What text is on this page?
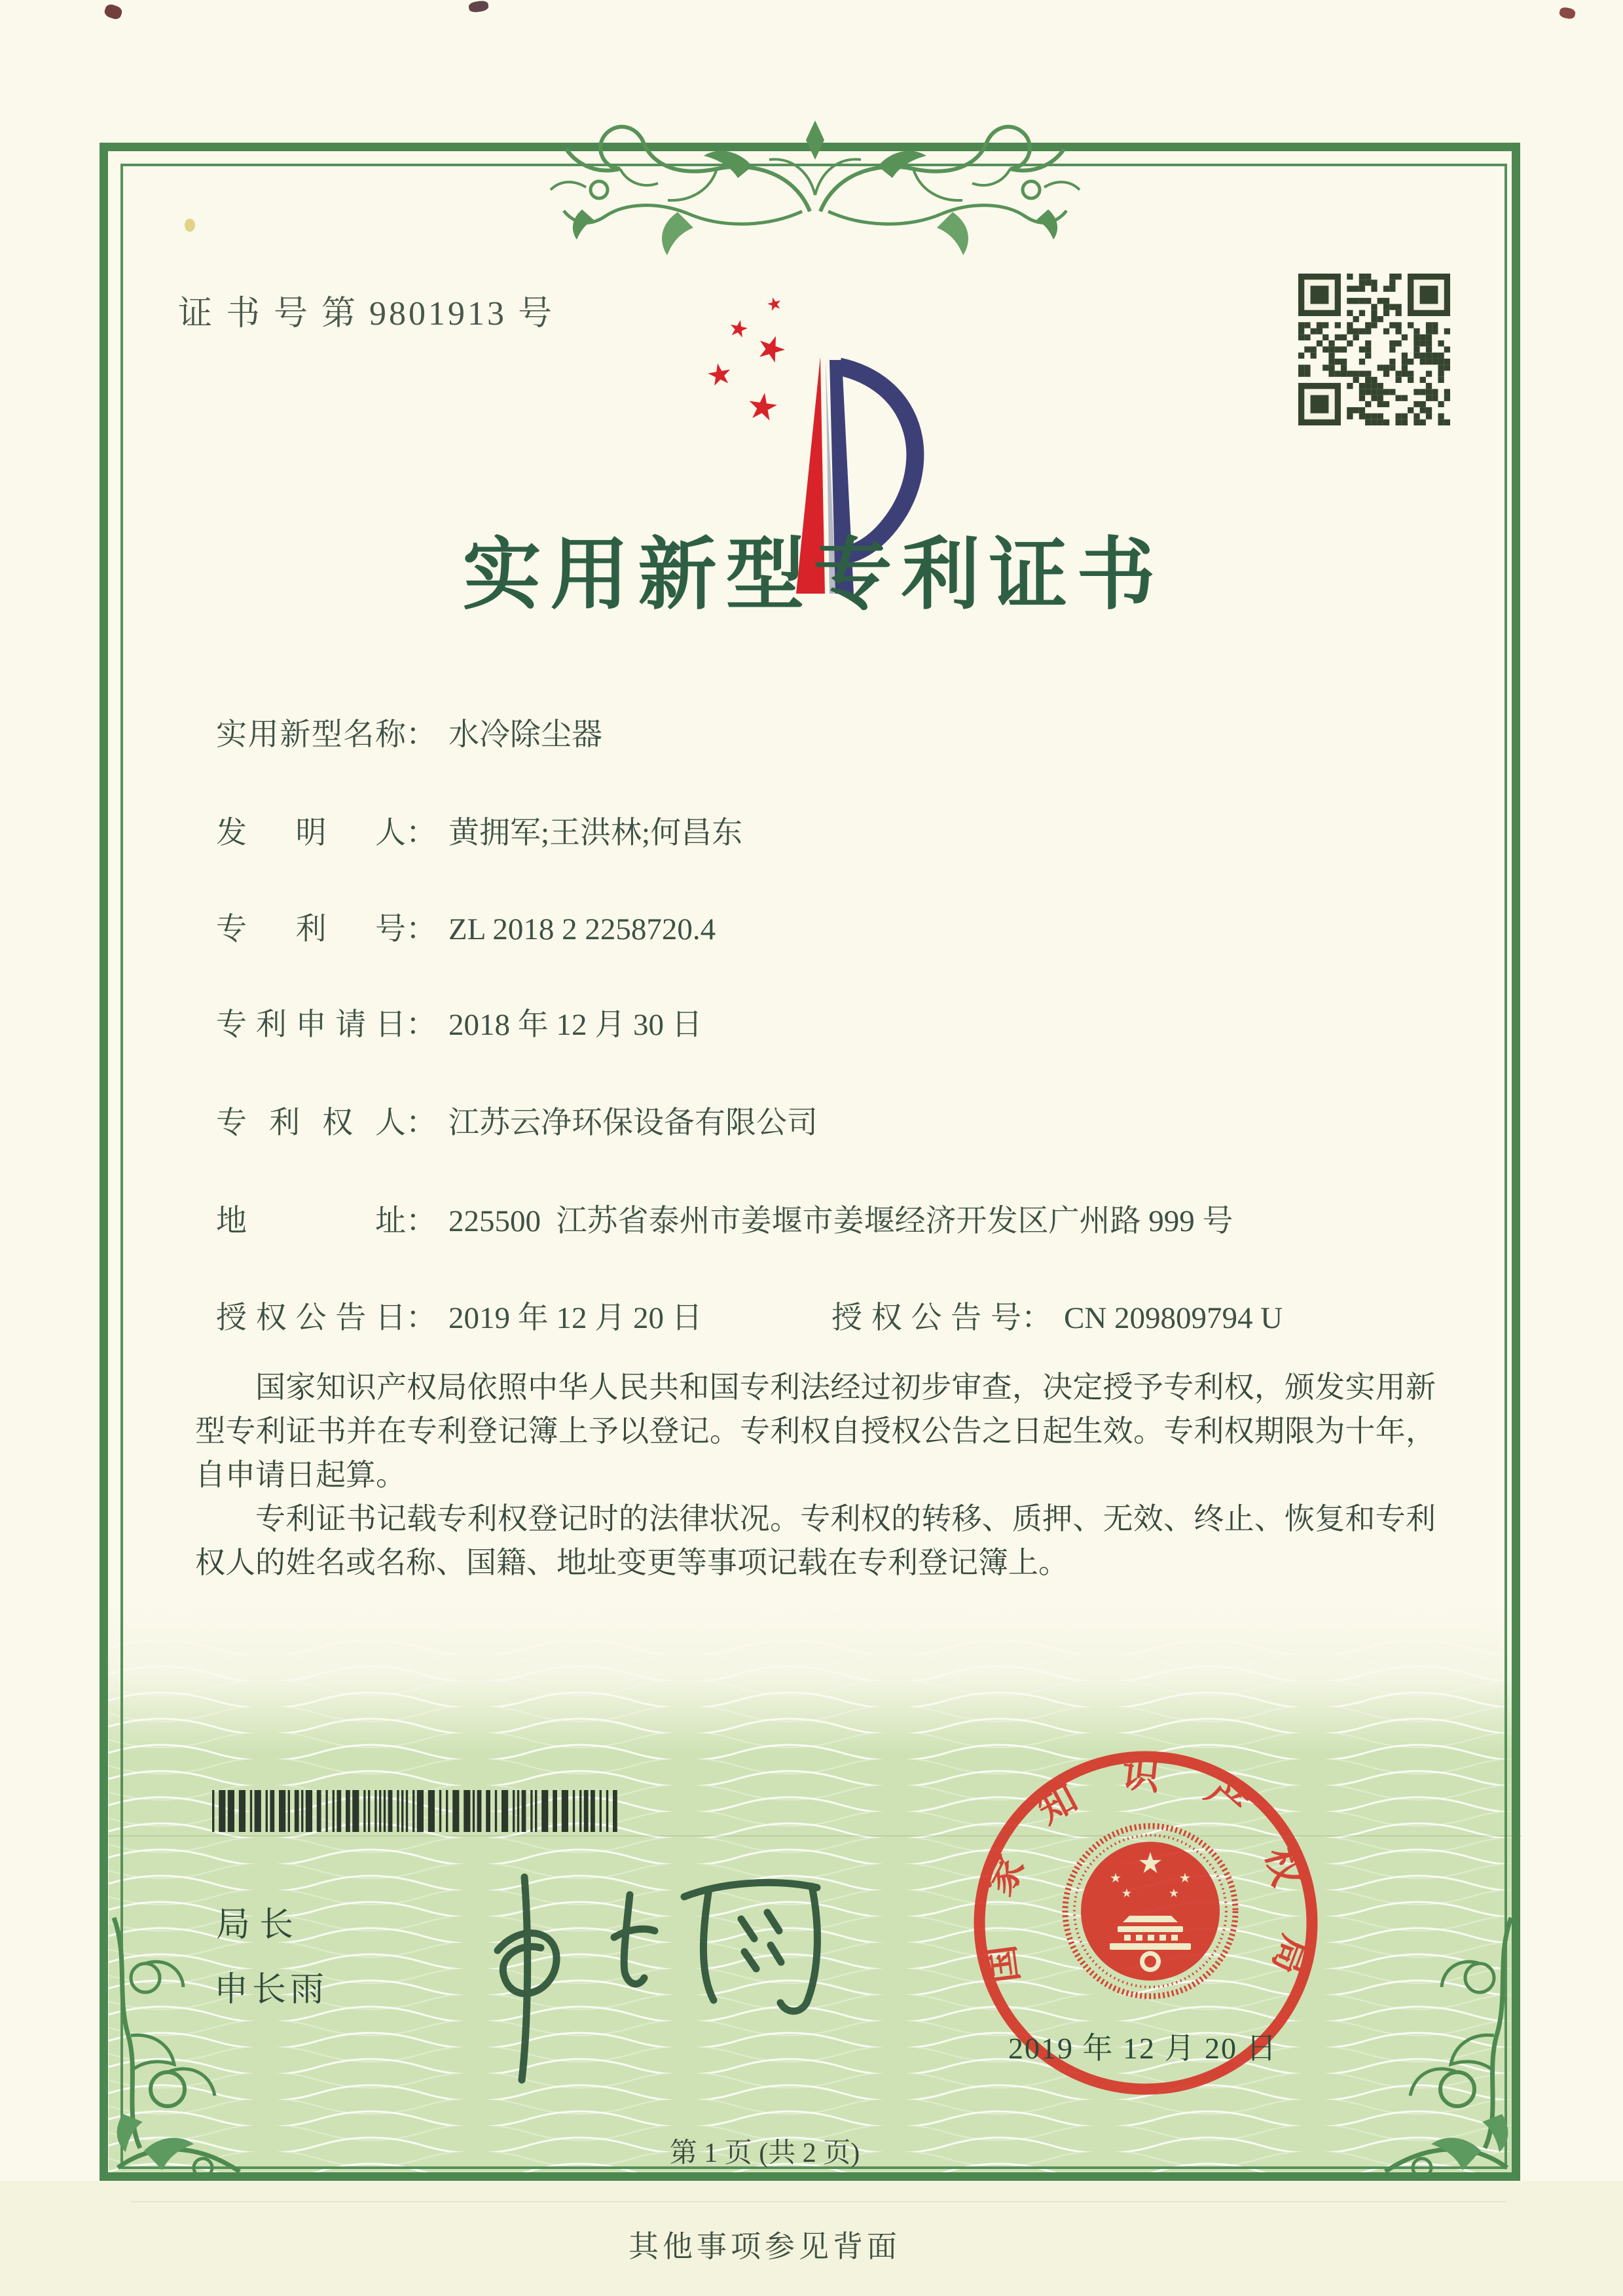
证 书 号 第 9801913 号	★
★
★
★
★
实用新型专利证书
实用新型名称： 水冷除尘器
发明人： 黄拥军;王洪林;何昌东
专利号： ZL 2018 2 2258720.4
专利申请日： 2018 年 12 月 30 日
专利权人： 江苏云净环保设备有限公司
地址： 225500  江苏省泰州市姜堰市姜堰经济开发区广州路 999 号
授权公告日： 2019 年 12 月 20 日	授权公告号： CN 209809794 U

国家知识产权局依照中华人民共和国专利法经过初步审查，决定授予专利权，颁发实用新型专利证书并在专利登记簿上予以登记。专利权自授权公告之日起生效。专利权期限为十年，自申请日起算。

专利证书记载专利权登记时的法律状况。专利权的转移、质押、无效、终止、恢复和专利权人的姓名或名称、国籍、地址变更等事项记载在专利登记簿上。

局长
申长雨
国家知识产权局
★
★	★
★	★
2019 年 12 月 20 日
第 1 页 (共 2 页)
其他事项参见背面
